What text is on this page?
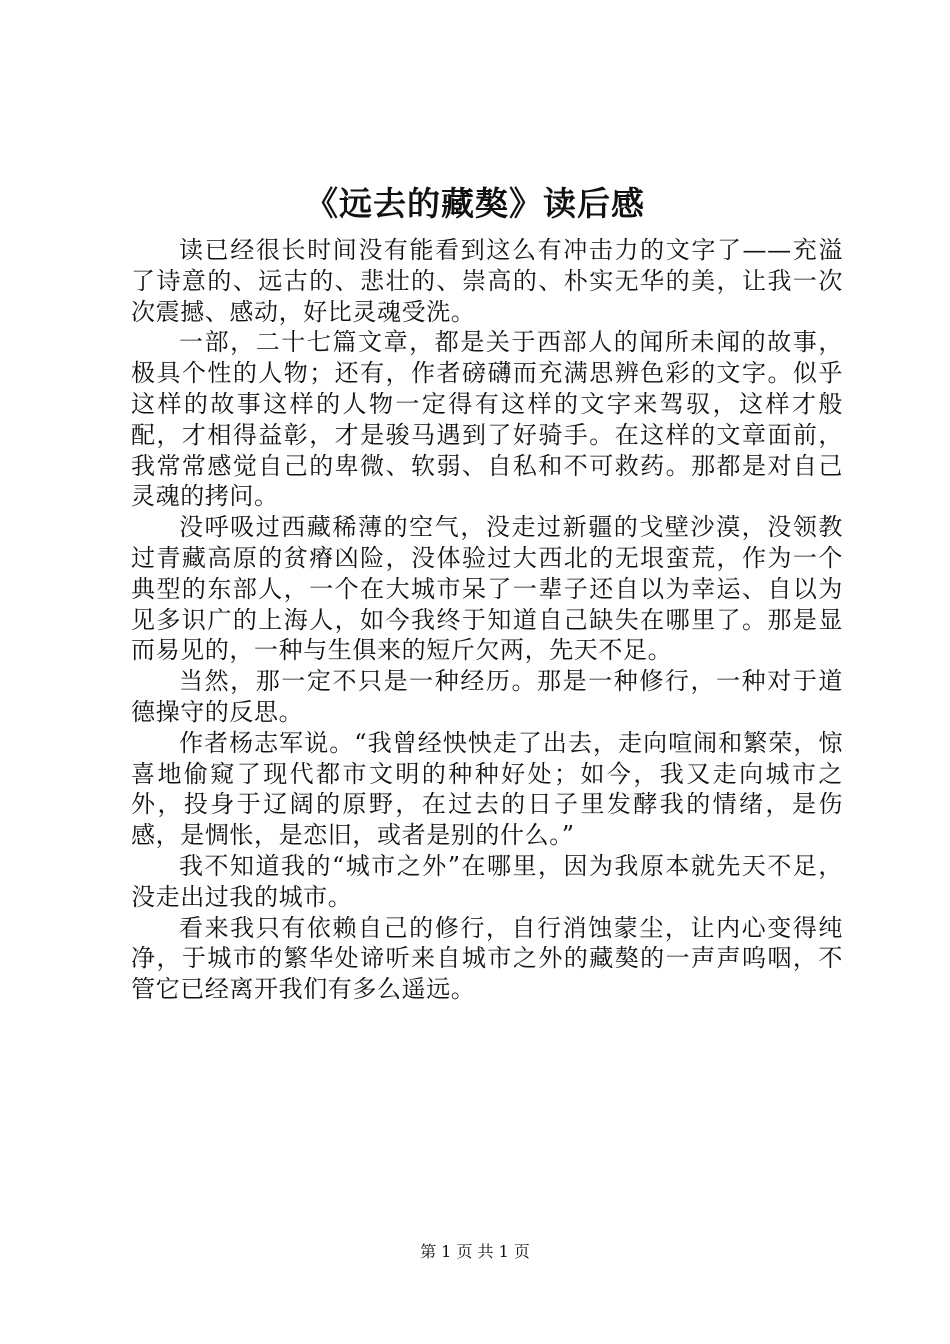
《远去的藏獒》读后感

读已经很长时间没有能看到这么有冲击力的文字了——充溢了诗意的、远古的、悲壮的、崇高的、朴实无华的美，让我一次次震撼、感动，好比灵魂受洗。

一部，二十七篇文章，都是关于西部人的闻所未闻的故事，极具个性的人物；还有，作者磅礴而充满思辨色彩的文字。似乎这样的故事这样的人物一定得有这样的文字来驾驭，这样才般配，才相得益彰，才是骏马遇到了好骑手。在这样的文章面前，我常常感觉自己的卑微、软弱、自私和不可救药。那都是对自己灵魂的拷问。

没呼吸过西藏稀薄的空气，没走过新疆的戈壁沙漠，没领教过青藏高原的贫瘠凶险，没体验过大西北的无垠蛮荒，作为一个典型的东部人，一个在大城市呆了一辈子还自以为幸运、自以为见多识广的上海人，如今我终于知道自己缺失在哪里了。那是显而易见的，一种与生俱来的短斤欠两，先天不足。

当然，那一定不只是一种经历。那是一种修行，一种对于道德操守的反思。

作者杨志军说。“我曾经怏怏走了出去，走向喧闹和繁荣，惊喜地偷窥了现代都市文明的种种好处；如今，我又走向城市之外，投身于辽阔的原野，在过去的日子里发酵我的情绪，是伤感，是惆怅，是恋旧，或者是别的什么。”

我不知道我的“城市之外”在哪里，因为我原本就先天不足，没走出过我的城市。

看来我只有依赖自己的修行，自行消蚀蒙尘，让内心变得纯净，于城市的繁华处谛听来自城市之外的藏獒的一声声呜咽，不管它已经离开我们有多么遥远。

第 1 页 共 1 页
